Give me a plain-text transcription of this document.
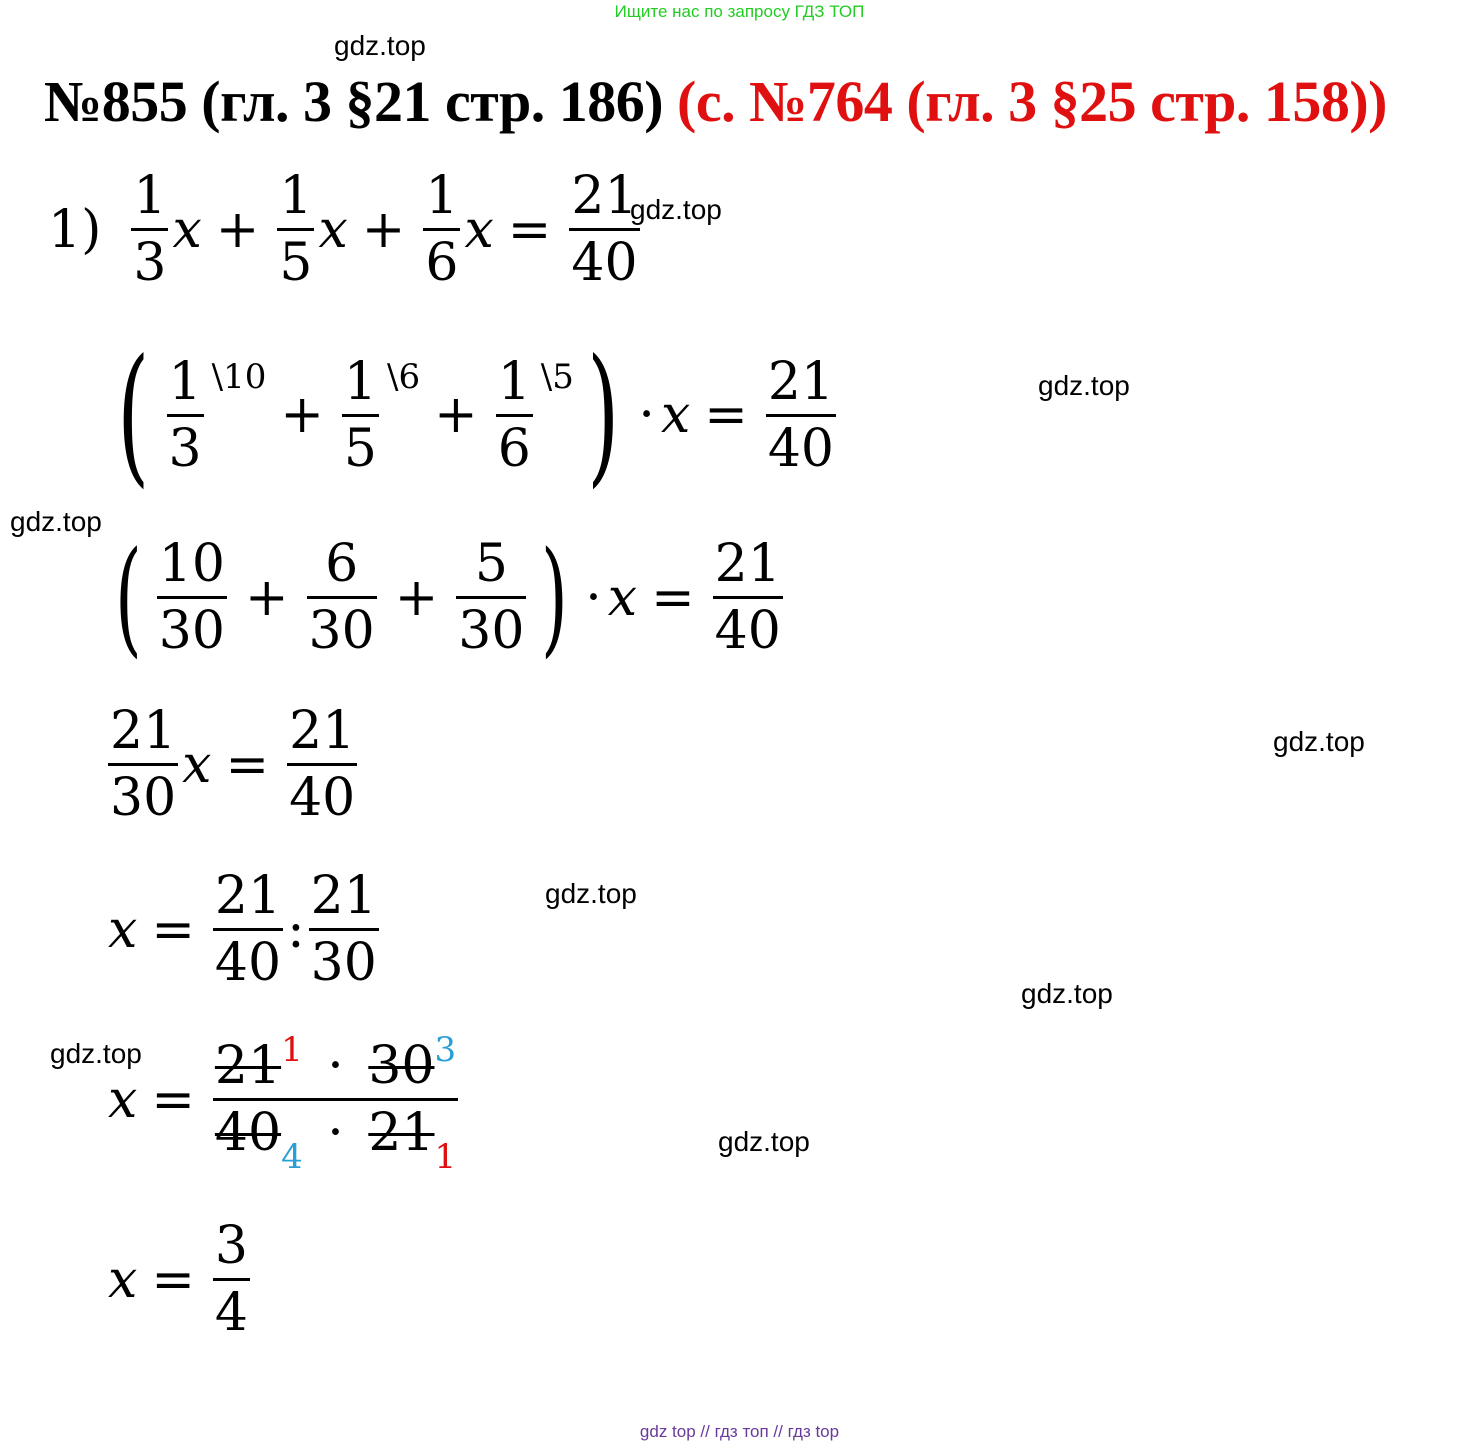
Ищите нас по запросу ГДЗ ТОП
gdz.top
№855 (гл. 3 §21 стр. 186) (с. №764 (гл. 3 §25 стр. 158))
$1) \frac{1}{3}$ $x + \frac{1}{5}$ $x + \frac{1}{6}$ $x = \frac{21}{40}$
gdz.top
( $\frac{1}{3}$ \10
+ $\frac{1}{5}$ \6
+ $\frac{1}{6}$ \5 ) · $x = \frac{21}{40}$	gdz.top
gdz.top
( $\frac{10}{30} + \frac{6}{30} + \frac{5}{30}$ ) · $x = \frac{21}{40}$
$\frac{21}{30}$ $x = \frac{21}{40}$	gdz.top
$x = \frac{21}{40}$ : $\frac{21}{30}$	gdz.top
gdz.top
gdz.top
$x = \frac{21^1 \cdot 30^3}{40_4 \cdot 21_1}$	gdz.top
$x = \frac{3}{4}$
gdz top // гдз топ // гдз top
